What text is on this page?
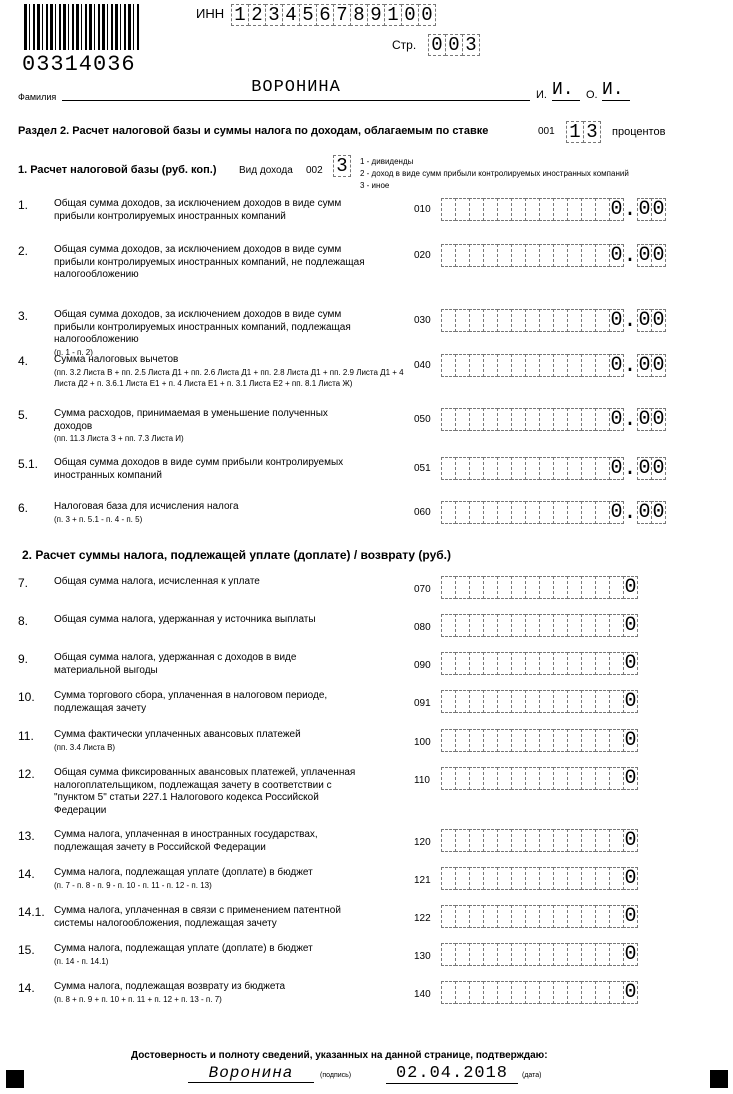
03314036
ИНН 1 2 3 4 5 6 7 8 9 1 0 0
Стр. 0 0 3
Фамилия	ВОРОНИНА	И. И.	О. И.
Раздел 2. Расчет налоговой базы и суммы налога по доходам, облагаемым по ставке	001 1 3 процентов
1. Расчет налоговой базы (руб. коп.) Вид дохода 002 3	1 - дивиденды
2 - доход в виде сумм прибыли контролируемых иностранных компаний
3 - иное
1.	Общая сумма доходов, за исключением доходов в виде сумм
прибыли контролируемых иностранных компаний
010	0 . 0 0
2.	Общая сумма доходов, за исключением доходов в виде сумм
прибыли контролируемых иностранных компаний, не подлежащая
налогообложению
020	0 . 0 0
3.	Общая сумма доходов, за исключением доходов в виде сумм
прибыли контролируемых иностранных компаний, подлежащая
налогообложению
(п. 1 - п. 2)
030	0 . 0 0
4.	Сумма налоговых вычетов
(пп. 3.2 Листа В + пп. 2.5 Листа Д1 + пп. 2.6 Листа Д1 + пп. 2.8 Листа Д1 + пп. 2.9 Листа Д1 + 4 Листа Д2 + п. 3.6.1 Листа Е1 + п. 4 Листа Е1 + п. 3.1 Листа Е2 + пп. 8.1 Листа Ж)
040	0 . 0 0
5.	Сумма расходов, принимаемая в уменьшение полученных
доходов
(пп. 11.3 Листа З + пп. 7.3 Листа И)
050	0 . 0 0
5.1. Общая сумма доходов в виде сумм прибыли контролируемых
иностранных компаний
051	0 . 0 0
6.	Налоговая база для исчисления налога
(п. 3 + п. 5.1 - п. 4 - п. 5)
060	0 . 0 0
2. Расчет суммы налога, подлежащей уплате (доплате) / возврату (руб.)
7.	Общая сумма налога, исчисленная к уплате
070	0
8.	Общая сумма налога, удержанная у источника выплаты
080	0
9.	Общая сумма налога, удержанная с доходов в виде
материальной выгоды	090	0
10. Сумма торгового сбора, уплаченная в налоговом периоде,
подлежащая зачету	091	0
11. Сумма фактически уплаченных авансовых платежей
(пп. 3.4 Листа В)	100	0
12. Общая сумма фиксированных авансовых платежей, уплаченная
налогоплательщиком, подлежащая зачету в соответствии с
"пунктом 5" статьи 227.1 Налогового кодекса Российской
Федерации
110	0
13. Сумма налога, уплаченная в иностранных государствах,
подлежащая зачету в Российской Федерации	120	0
14. Сумма налога, подлежащая уплате (доплате) в бюджет
(п. 7 - п. 8 - п. 9 - п. 10 - п. 11 - п. 12 - п. 13)	121	0
14.1. Сумма налога, уплаченная в связи с применением патентной
системы налогообложения, подлежащая зачету	122	0
15. Сумма налога, подлежащая уплате (доплате) в бюджет
(п. 14 - п. 14.1)	130	0
14. Сумма налога, подлежащая возврату из бюджета
(п. 8 + п. 9 + п. 10 + п. 11 + п. 12 + п. 13 - п. 7)	140	0
Достоверность и полноту сведений, указанных на данной странице, подтверждаю:
Воронина	(подпись)	02.04.2018	(дата)
